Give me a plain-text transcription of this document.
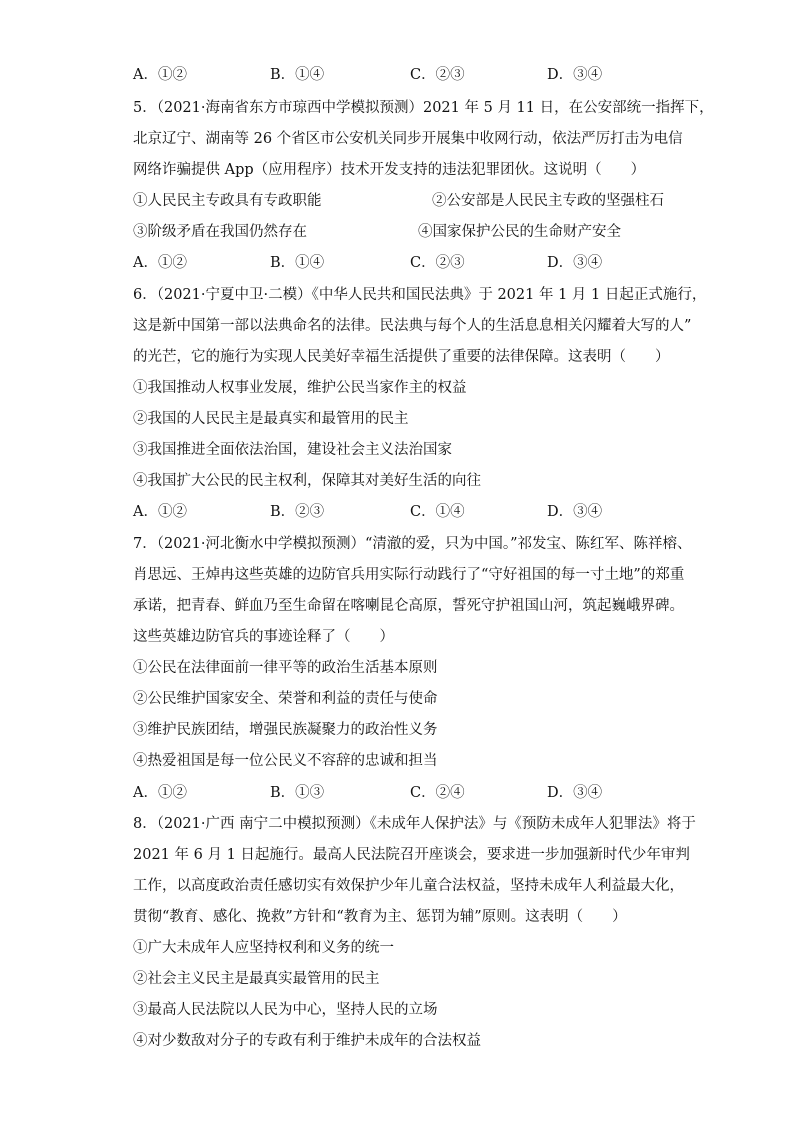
A．①②	B．①④	C．②③	D．③④
5．（2021·海南省东方市琼西中学模拟预测）2021 年 5 月 11 日，在公安部统一指挥下，
北京辽宁、湖南等 26 个省区市公安机关同步开展集中收网行动，依法严厉打击为电信
网络诈骗提供 App（应用程序）技术开发支持的违法犯罪团伙。这说明（　　）
①人民民主专政具有专政职能	②公安部是人民民主专政的坚强柱石
③阶级矛盾在我国仍然存在	④国家保护公民的生命财产安全
A．①②	B．①④	C．②③	D．③④
6．（2021·宁夏中卫·二模）《中华人民共和国民法典》于 2021 年 1 月 1 日起正式施行，
这是新中国第一部以法典命名的法律。民法典与每个人的生活息息相关闪耀着大写的人”
的光芒，它的施行为实现人民美好幸福生活提供了重要的法律保障。这表明（　　）
①我国推动人权事业发展，维护公民当家作主的权益
②我国的人民民主是最真实和最管用的民主
③我国推进全面依法治国，建设社会主义法治国家
④我国扩大公民的民主权利，保障其对美好生活的向往
A．①②	B．②③	C．①④	D．③④
7．（2021·河北衡水中学模拟预测）“清澈的爱，只为中国。”祁发宝、陈红军、陈祥榕、
肖思远、王焯冉这些英雄的边防官兵用实际行动践行了“守好祖国的每一寸土地”的郑重
承诺，把青春、鲜血乃至生命留在喀喇昆仑高原，誓死守护祖国山河，筑起巍峨界碑。
这些英雄边防官兵的事迹诠释了（　　）
①公民在法律面前一律平等的政治生活基本原则
②公民维护国家安全、荣誉和利益的责任与使命
③维护民族团结，增强民族凝聚力的政治性义务
④热爱祖国是每一位公民义不容辞的忠诚和担当
A．①②	B．①③	C．②④	D．③④
8．（2021·广西 南宁二中模拟预测）《未成年人保护法》与《预防未成年人犯罪法》将于
2021 年 6 月 1 日起施行。最高人民法院召开座谈会，要求进一步加强新时代少年审判
工作，以高度政治责任感切实有效保护少年儿童合法权益，坚持未成年人利益最大化，
贯彻“教育、感化、挽救”方针和“教育为主、惩罚为辅”原则。这表明（　　）
①广大未成年人应坚持权利和义务的统一
②社会主义民主是最真实最管用的民主
③最高人民法院以人民为中心，坚持人民的立场
④对少数敌对分子的专政有利于维护未成年的合法权益
